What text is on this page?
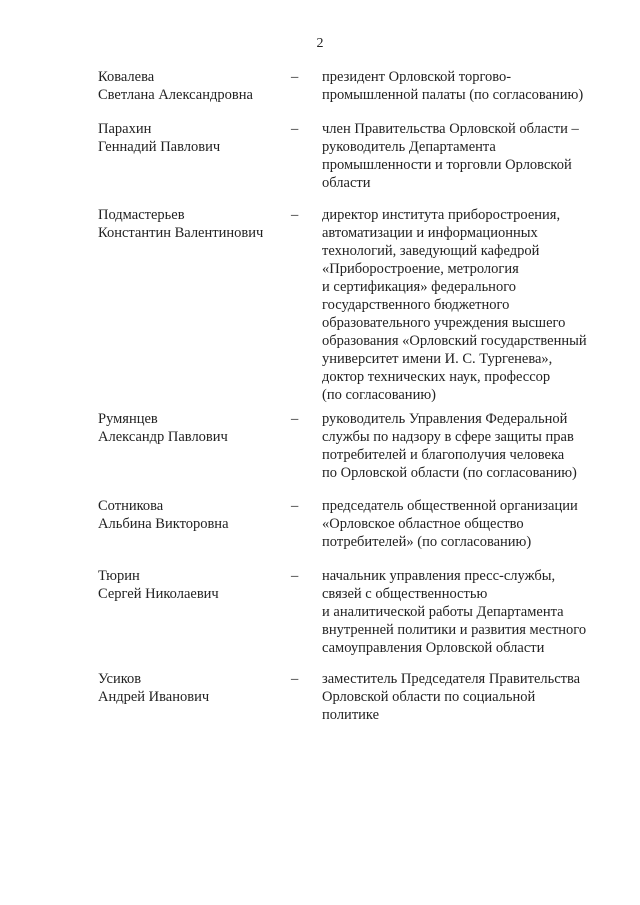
2
Ковалева
Светлана Александровна
–	президент Орловской торгово-
промышленной палаты (по согласованию)
Парахин
Геннадий Павлович
–	член Правительства Орловской области –
руководитель Департамента
промышленности и торговли Орловской
области
Подмастерьев
Константин Валентинович
–	директор института приборостроения,
автоматизации и информационных
технологий, заведующий кафедрой
«Приборостроение, метрология
и сертификация» федерального
государственного бюджетного
образовательного учреждения высшего
образования «Орловский государственный
университет имени И. С. Тургенева»,
доктор технических наук, профессор
(по согласованию)
Румянцев
Александр Павлович
–	руководитель Управления Федеральной
службы по надзору в сфере защиты прав
потребителей и благополучия человека
по Орловской области (по согласованию)
Сотникова
Альбина Викторовна
–	председатель общественной организации
«Орловское областное общество
потребителей» (по согласованию)
Тюрин
Сергей Николаевич
–	начальник управления пресс-службы,
связей с общественностью
и аналитической работы Департамента
внутренней политики и развития местного
самоуправления Орловской области
Усиков
Андрей Иванович
–	заместитель Председателя Правительства
Орловской области по социальной
политике
